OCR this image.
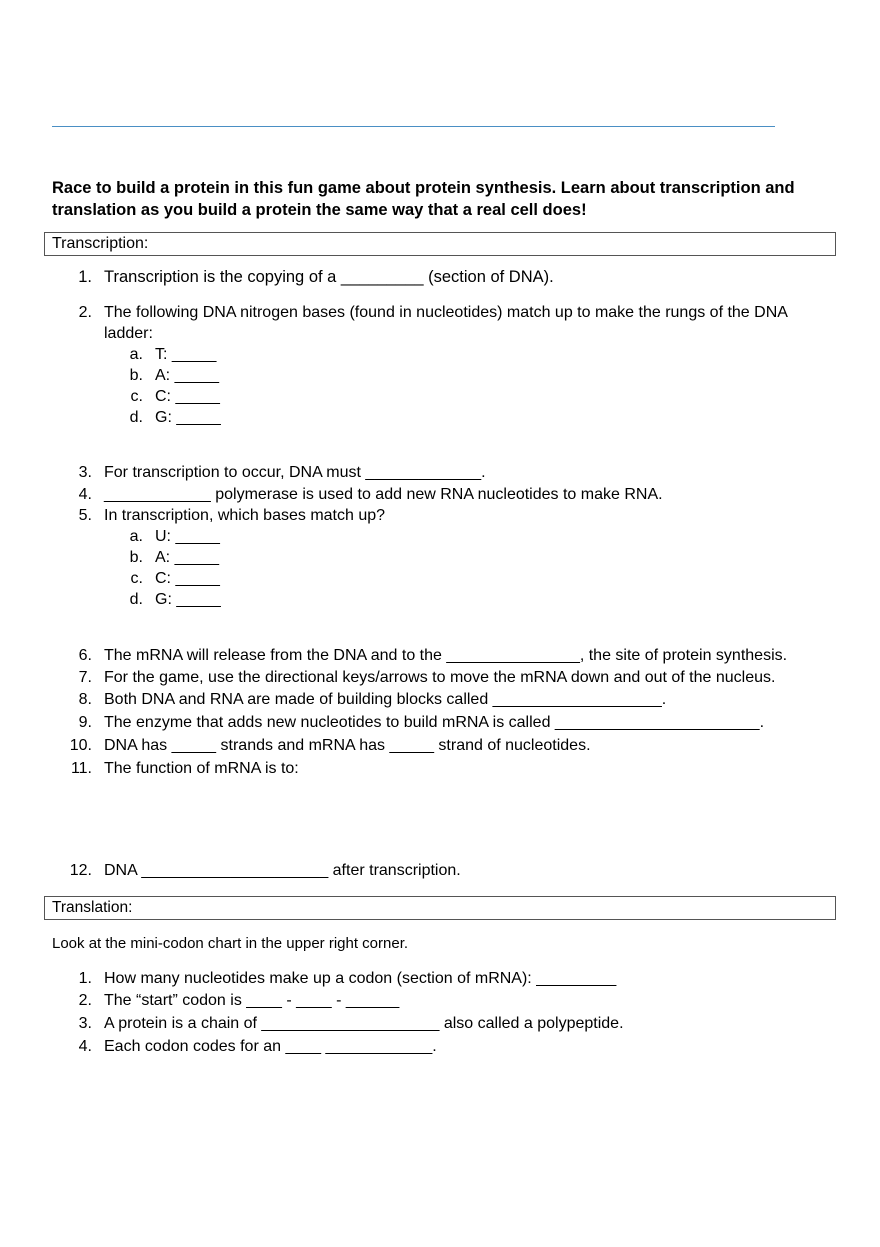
Race to build a protein in this fun game about protein synthesis. Learn about transcription and translation as you build a protein the same way that a real cell does!
Transcription:
1. Transcription is the copying of a _________ (section of DNA).
2. The following DNA nitrogen bases (found in nucleotides) match up to make the rungs of the DNA
ladder:
a. T: _____
b. A: _____
c. C: _____
d. G: _____
3. For transcription to occur, DNA must _____________.
4. ____________ polymerase is used to add new RNA nucleotides to make RNA.
5. In transcription, which bases match up?
a. U: _____
b. A: _____
c. C: _____
d. G: _____
6. The mRNA will release from the DNA and to the _______________, the site of protein synthesis.
7. For the game, use the directional keys/arrows to move the mRNA down and out of the nucleus.
8. Both DNA and RNA are made of building blocks called ___________________.
9. The enzyme that adds new nucleotides to build mRNA is called _______________________.
10. DNA has _____ strands and mRNA has _____ strand of nucleotides.
11. The function of mRNA is to:
12. DNA _____________________ after transcription.
Translation:
Look at the mini-codon chart in the upper right corner.
1. How many nucleotides make up a codon (section of mRNA): _________
2. The “start” codon is ____ - ____ - ______
3. A protein is a chain of ____________________ also called a polypeptide.
4. Each codon codes for an ____ ____________.
